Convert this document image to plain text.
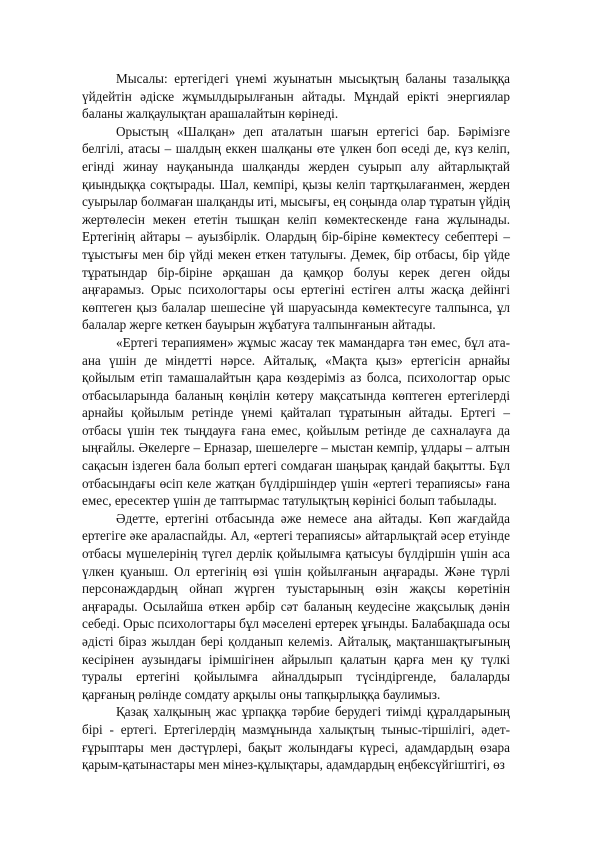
Мысалы: ертегідегі үнемі жуынатын мысықтың баланы тазалыққа үйдейтін әдіске жұмылдырылғанын айтады. Мұндай ерікті энергиялар баланы жалқаулықтан арашалайтын көрінеді.

Орыстың «Шалқан» деп аталатын шағын ертегісі бар. Бәрімізге белгілі, атасы – шалдың еккен шалқаны өте үлкен боп өседі де, күз келіп, егінді жинау науқанында шалқанды жерден суырып алу айтарлықтай қиындыққа соқтырады. Шал, кемпірі, қызы келіп тартқылағанмен, жерден суырылар болмаған шалқанды иті, мысығы, ең соңында олар тұратын үйдің жертөлесін мекен ететін тышқан келіп көмектескенде ғана жұлынады. Ертегінің айтары – ауызбірлік. Олардың бір-біріне көмектесу себептері – тұыстығы мен бір үйді мекен еткен татулығы. Демек, бір отбасы, бір үйде тұратындар бір-біріне әрқашан да қамқор болуы керек деген ойды аңғарамыз. Орыс психологтары осы ертегіні естіген алты жасқа дейінгі көптеген қыз балалар шешесіне үй шаруасында көмектесуге талпынса, ұл балалар жерге кеткен бауырын жұбатуға талпынғанын айтады.

«Ертегі терапиямен» жұмыс жасау тек мамандарға тән емес, бұл ата-ана үшін де міндетті нәрсе. Айталық, «Мақта қыз» ертегісін арнайы қойылым етіп тамашалайтын қара көздеріміз аз болса, психологтар орыс отбасыларында баланың көңілін көтеру мақсатында көптеген ертегілерді арнайы қойылым ретінде үнемі қайталап тұратынын айтады. Ертегі – отбасы үшін тек тыңдауға ғана емес, қойылым ретінде де сахналауға да ыңғайлы. Әкелерге – Ерназар, шешелерге – мыстан кемпір, ұлдары – алтын сақасын іздеген бала болып ертегі сомдаған шаңырақ қандай бақытты. Бұл отбасындағы өсіп келе жатқан бүлдіршіндер үшін «ертегі терапиясы» ғана емес, ересектер үшін де таптырмас татулықтың көрінісі болып табылады.

Әдетте, ертегіні отбасында әже немесе ана айтады. Көп жағдайда ертегіге әке араласпайды. Ал, «ертегі терапиясы» айтарлықтай әсер етуінде отбасы мүшелерінің түгел дерлік қойылымға қатысуы бүлдіршін үшін аса үлкен қуаныш. Ол ертегінің өзі үшін қойылғанын аңғарады. Және түрлі персонаждардың ойнап жүрген туыстарының өзін жақсы көретінін аңғарады. Осылайша өткен әрбір сәт баланың кеудесіне жақсылық дәнін себеді. Орыс психологтары бұл мәселені ертерек ұғынды. Балабақшада осы әдісті біраз жылдан бері қолданып келеміз. Айталық, мақтаншақтығының кесірінен аузындағы ірімшігінен айрылып қалатын қарға мен қу түлкі туралы ертегіні қойылымға айналдырып түсіндіргенде, балаларды қарғаның рөлінде сомдату арқылы оны тапқырлыққа баулимыз.

Қазақ халқының жас ұрпаққа тәрбие берудегі тиімді құралдарының бірі - ертегі. Ертегілердің мазмұнында халықтың тыныс-тіршілігі, әдет-ғұрыптары мен дәстүрлері, бақыт жолындағы күресі, адамдардың өзара қарым-қатынастары мен мінез-құлықтары, адамдардың еңбексүйгіштігі, өз
